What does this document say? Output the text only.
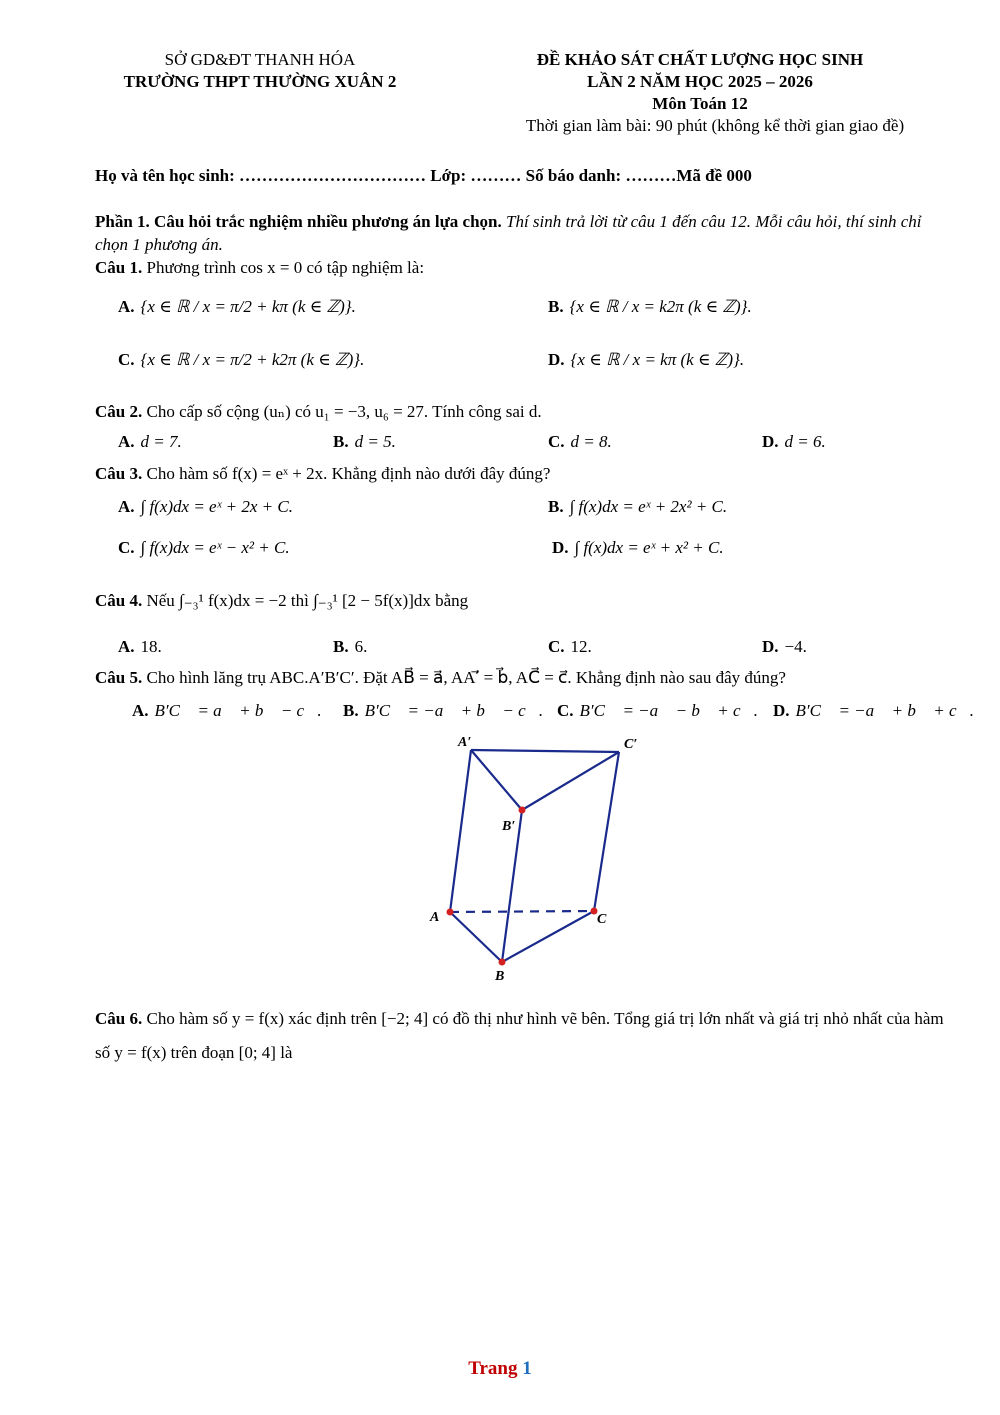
SỞ GD&ĐT THANH HÓA
TRƯỜNG THPT THƯỜNG XUÂN 2
ĐỀ KHẢO SÁT CHẤT LƯỢNG HỌC SINH
LẦN 2 NĂM HỌC 2025 – 2026
Môn Toán 12
Thời gian làm bài: 90 phút (không kể thời gian giao đề)
Họ và tên học sinh: …………………………… Lớp: ……… Số báo danh: ………Mã đề 000
Phần 1. Câu hỏi trắc nghiệm nhiều phương án lựa chọn. Thí sinh trả lời từ câu 1 đến câu 12. Mỗi câu hỏi, thí sinh chỉ chọn 1 phương án.
Câu 1. Phương trình cos x = 0 có tập nghiệm là:
A. {x ∈ ℝ / x = π/2 + kπ (k ∈ ℤ)}.	B. {x ∈ ℝ / x = k2π (k ∈ ℤ)}.
C. {x ∈ ℝ / x = π/2 + k2π (k ∈ ℤ)}.	D. {x ∈ ℝ / x = kπ (k ∈ ℤ)}.
Câu 2. Cho cấp số cộng (uₙ) có u₁ = −3, u₆ = 27. Tính công sai d.
A. d = 7.	B. d = 5.	C. d = 8.	D. d = 6.
Câu 3. Cho hàm số f(x) = eˣ + 2x. Khẳng định nào dưới đây đúng?
A. ∫ f(x)dx = eˣ + 2x + C.	B. ∫ f(x)dx = eˣ + 2x² + C.
C. ∫ f(x)dx = eˣ − x² + C.	D. ∫ f(x)dx = eˣ + x² + C.
Câu 4. Nếu ∫₋₃¹ f(x)dx = −2 thì ∫₋₃¹ [2 − 5f(x)]dx bằng
A. 18.	B. 6.	C. 12.	D. −4.
Câu 5. Cho hình lăng trụ ABC.A′B′C′. Đặt AB⃗ = a⃗, AA′⃗ = b⃗, AC⃗ = c⃗. Khẳng định nào sau đây đúng?
A. B′C⃗ = a⃗ + b⃗ − c⃗. B. B′C⃗ = −a⃗ + b⃗ − c⃗. C. B′C⃗ = −a⃗ − b⃗ + c⃗. D. B′C⃗ = −a⃗ + b⃗ + c⃗.
A′	C′
B′
A	C
B
Câu 6. Cho hàm số y = f(x) xác định trên [−2; 4] có đồ thị như hình vẽ bên. Tổng giá trị lớn nhất và giá trị nhỏ nhất của hàm số y = f(x) trên đoạn [0; 4] là
Trang 1
